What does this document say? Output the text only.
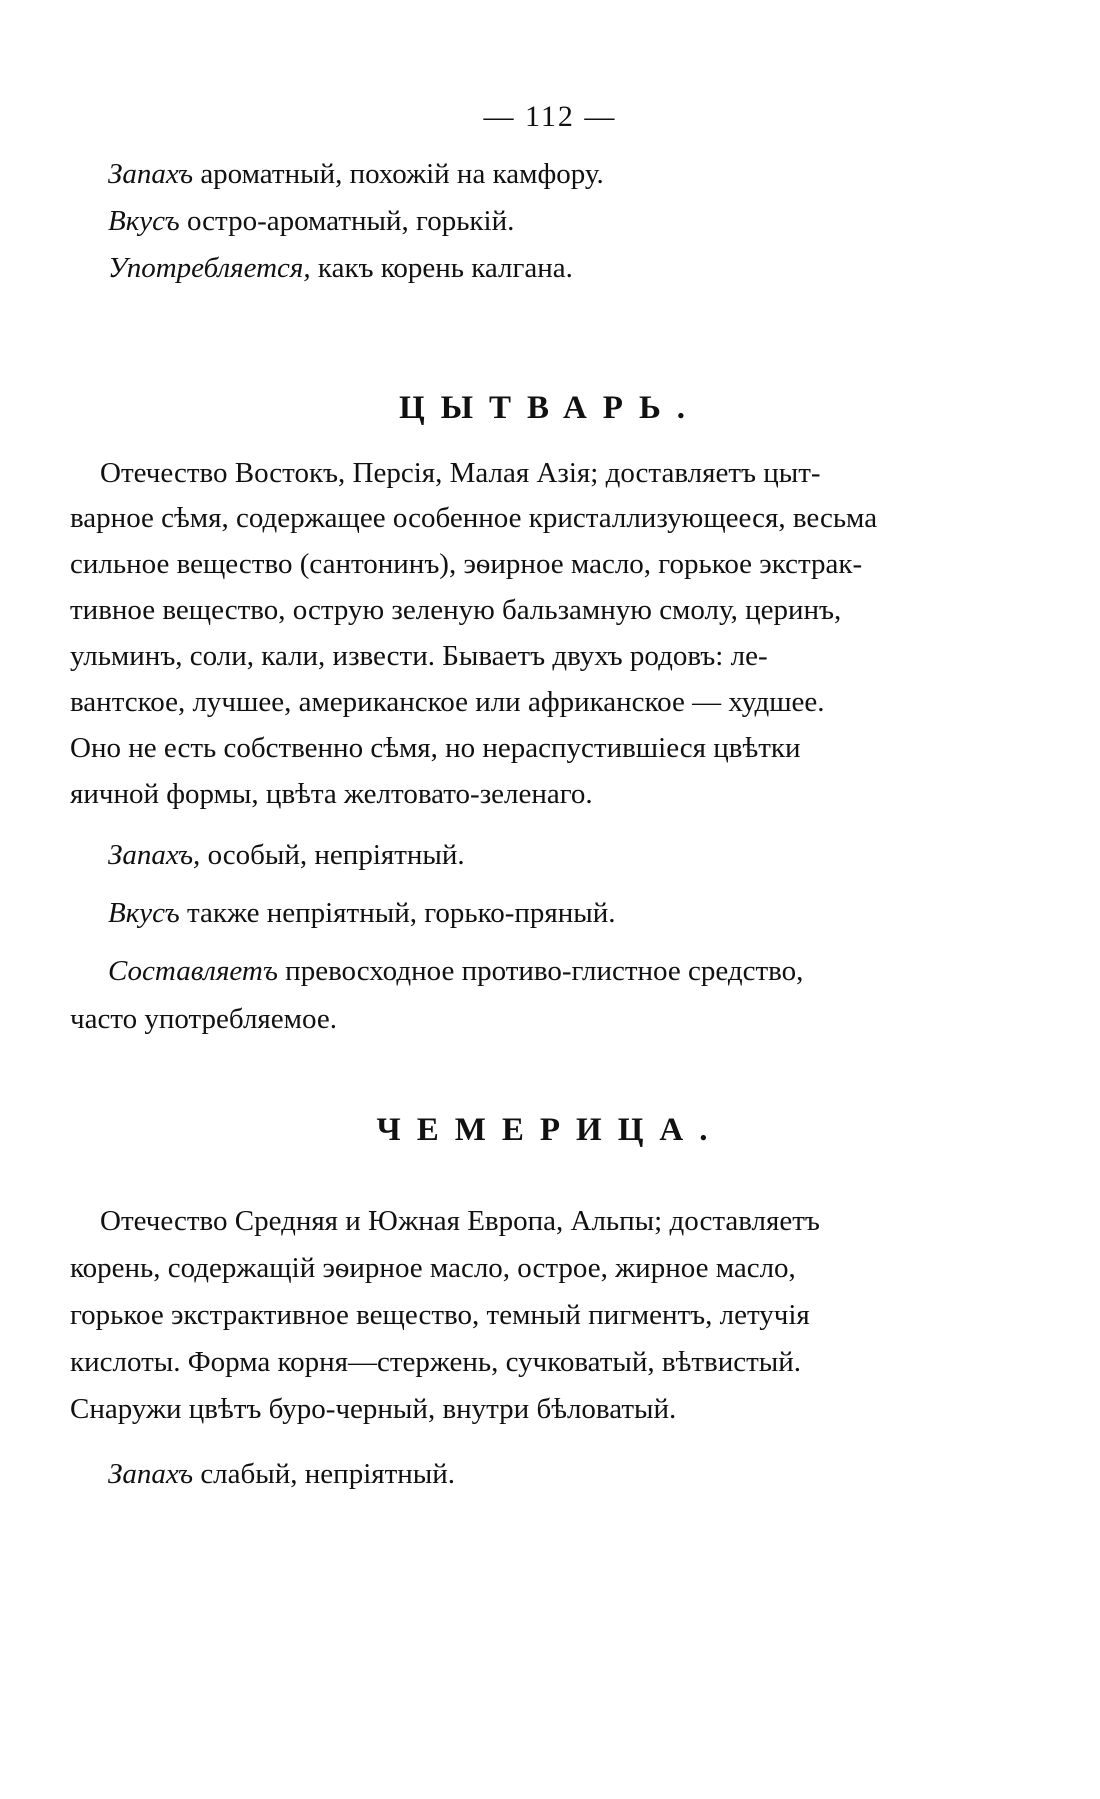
— 112 —
Запахъ ароматный, похожій на камфору.
Вкусъ остро-ароматный, горькій.
Употребляется, какъ корень калгана.
ЦЫТВАРЬ.
Отечество Востокъ, Персія, Малая Азія; доставляетъ цыт-
варное сѣмя, содержащее особенное кристаллизующееся, весьма
сильное вещество (сантонинъ), эѳирное масло, горькое экстрак-
тивное вещество, острую зеленую бальзамную смолу, церинъ,
ульминъ, соли, кали, извести. Бываетъ двухъ родовъ: ле-
вантское, лучшее, американское или африканское — худшее.
Оно не есть собственно сѣмя, но нераспустившіеся цвѣтки
яичной формы, цвѣта желтовато-зеленаго.
Запахъ, особый, непріятный.
Вкусъ также непріятный, горько-пряный.
Составляетъ превосходное противо-глистное средство,
часто употребляемое.
ЧЕМЕРИЦА.
Отечество Средняя и Южная Европа, Альпы; доставляетъ
корень, содержащій эѳирное масло, острое, жирное масло,
горькое экстрактивное вещество, темный пигментъ, летучія
кислоты. Форма корня—стержень, сучковатый, вѣтвистый.
Снаружи цвѣтъ буро-черный, внутри бѣловатый.
Запахъ слабый, непріятный.
